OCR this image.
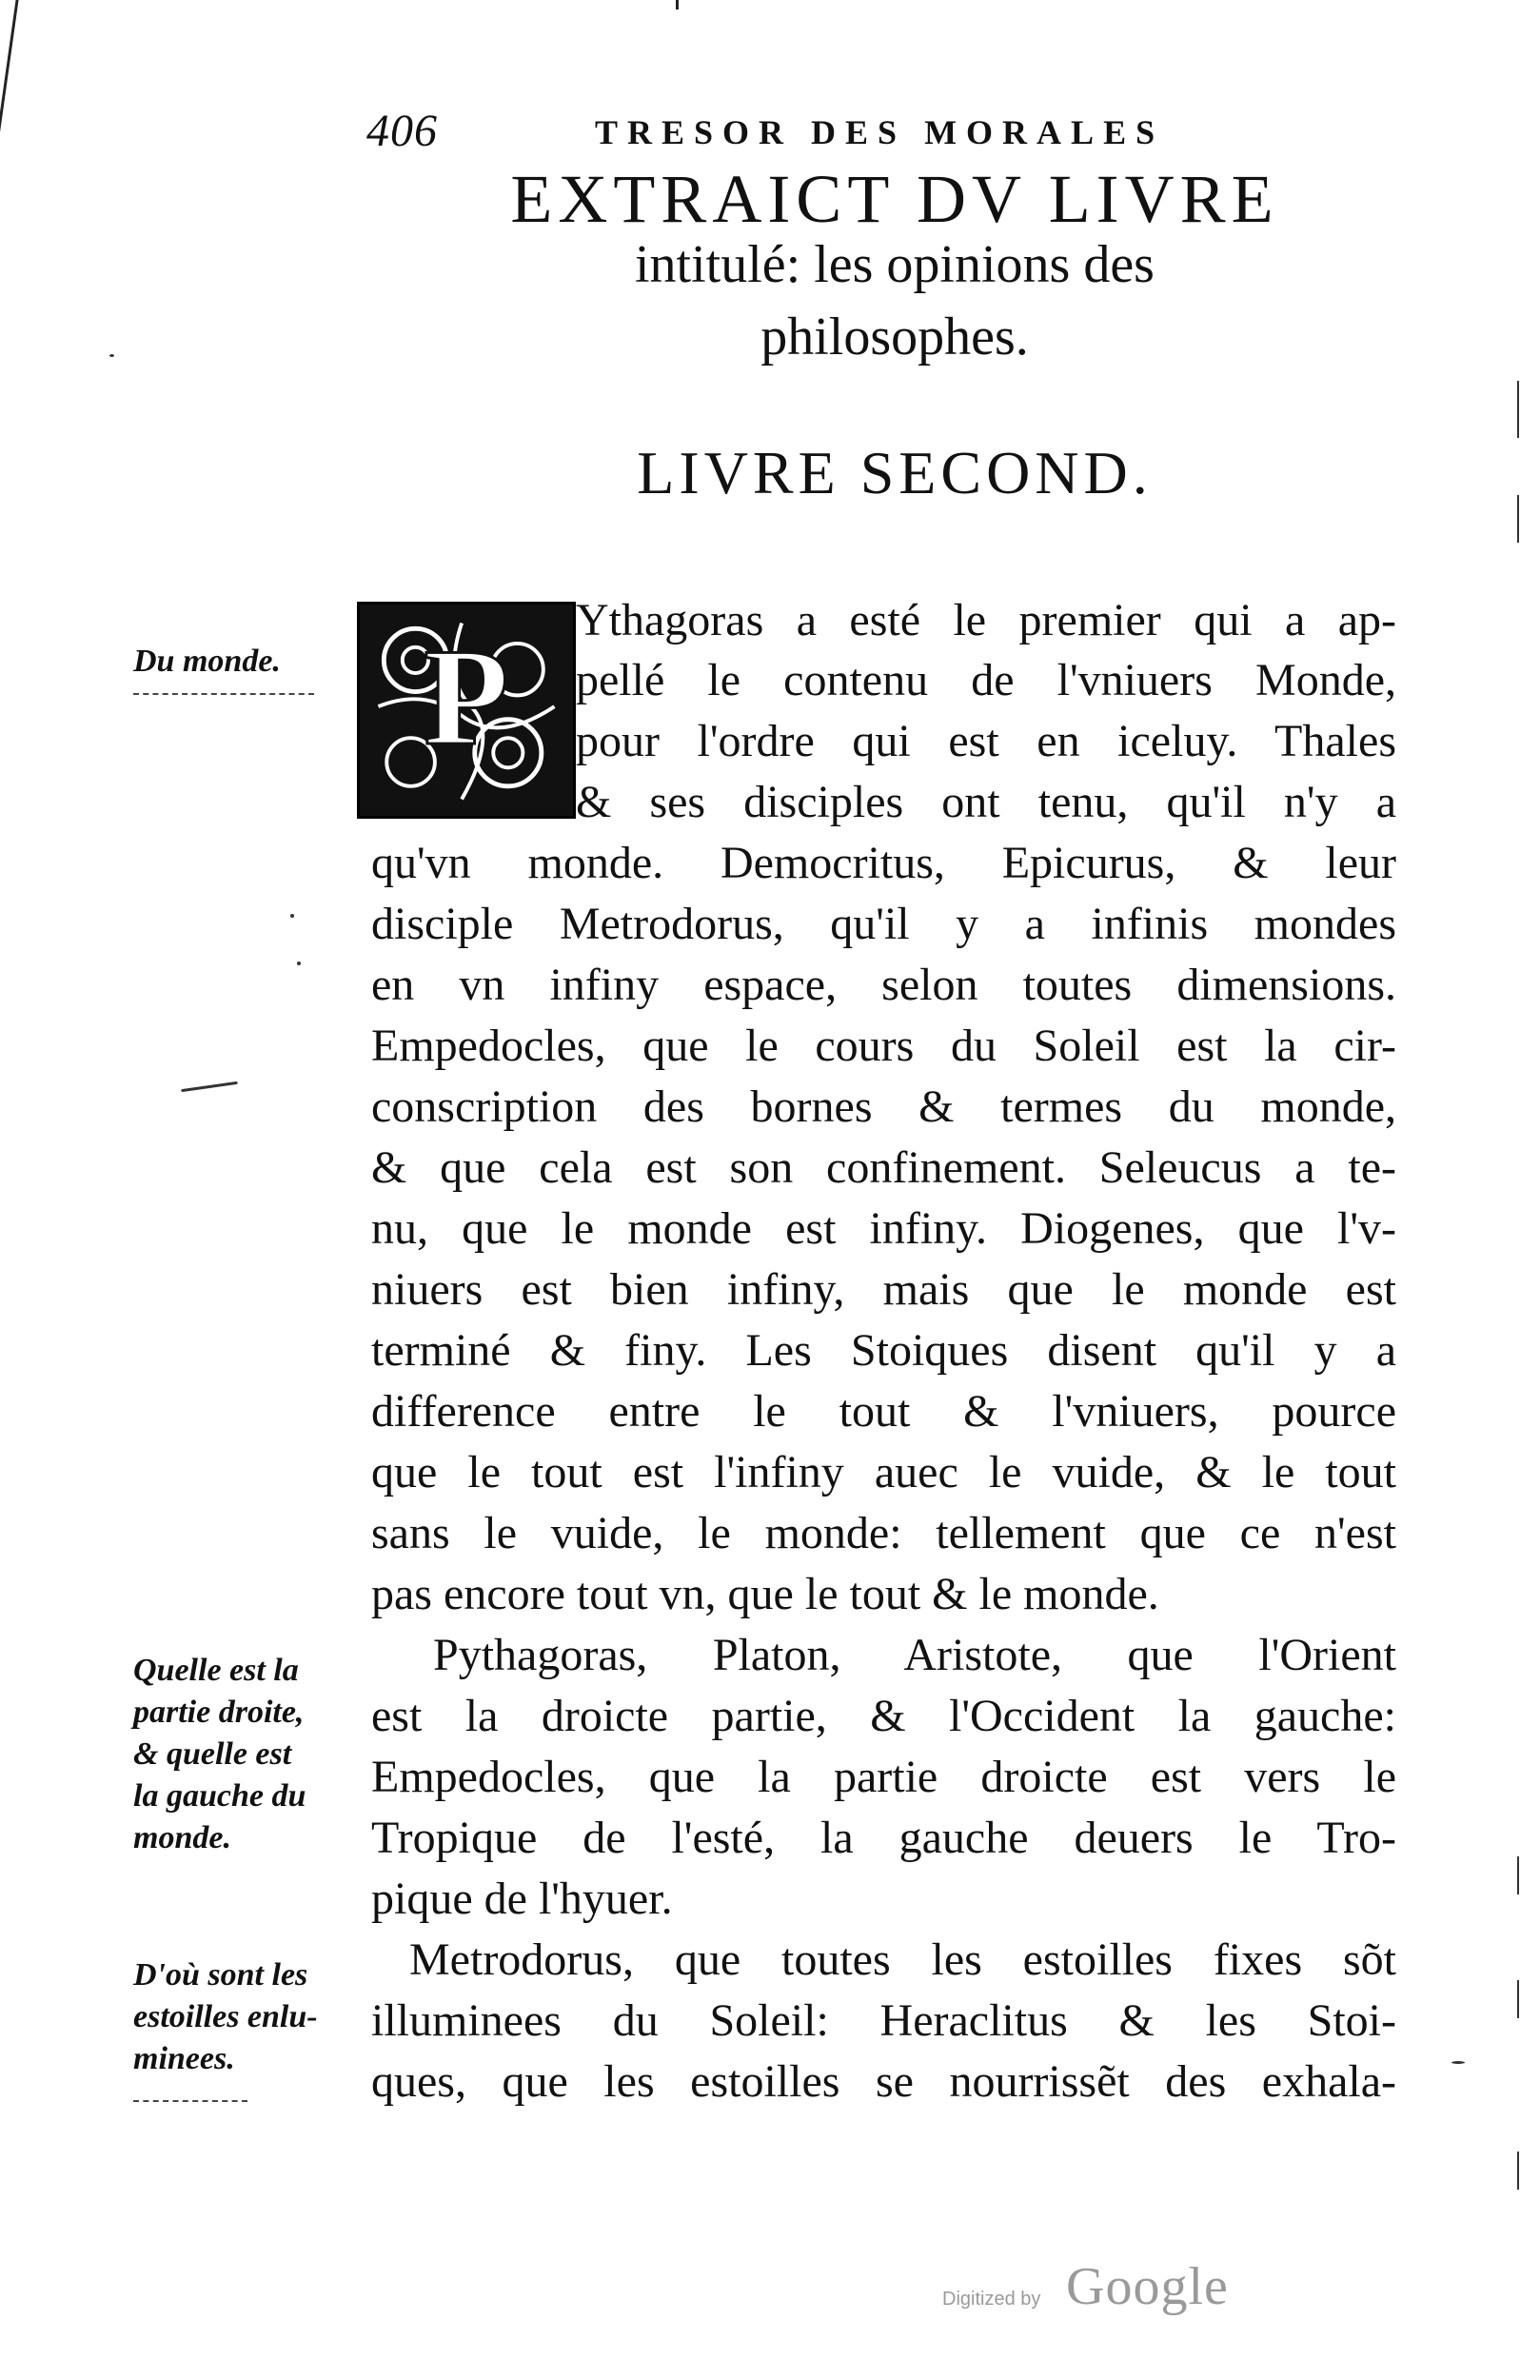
406	TRESOR DES MORALES
EXTRAICT DV LIVRE
intitulé: les opinions des
philosophes.
LIVRE SECOND.
P Ythagoras a esté le premier qui a ap-
pellé le contenu de l'vniuers Monde,
pour l'ordre qui est en iceluy. Thales
& ses disciples ont tenu, qu'il n'y a
qu'vn monde. Democritus, Epicurus, & leur
disciple Metrodorus, qu'il y a infinis mondes
en vn infiny espace, selon toutes dimensions.
Empedocles, que le cours du Soleil est la cir-
conscription des bornes & termes du monde,
& que cela est son confinement. Seleucus a te-
nu, que le monde est infiny. Diogenes, que l'v-
niuers est bien infiny, mais que le monde est
terminé & finy. Les Stoiques disent qu'il y a
difference entre le tout & l'vniuers, pource
que le tout est l'infiny auec le vuide, & le tout
sans le vuide, le monde: tellement que ce n'est
pas encore tout vn, que le tout & le monde.
Pythagoras, Platon, Aristote, que l'Orient
est la droicte partie, & l'Occident la gauche:
Empedocles, que la partie droicte est vers le
Tropique de l'esté, la gauche deuers le Tro-
pique de l'hyuer.
Metrodorus, que toutes les estoilles fixes sõt
illuminees du Soleil: Heraclitus & les Stoi-
ques, que les estoilles se nourrissẽt des exhala-
Du monde.
Quelle est la
partie droite,
& quelle est
la gauche du
monde.
D'où sont les
estoilles enlu-
minees.
Digitized by Google
